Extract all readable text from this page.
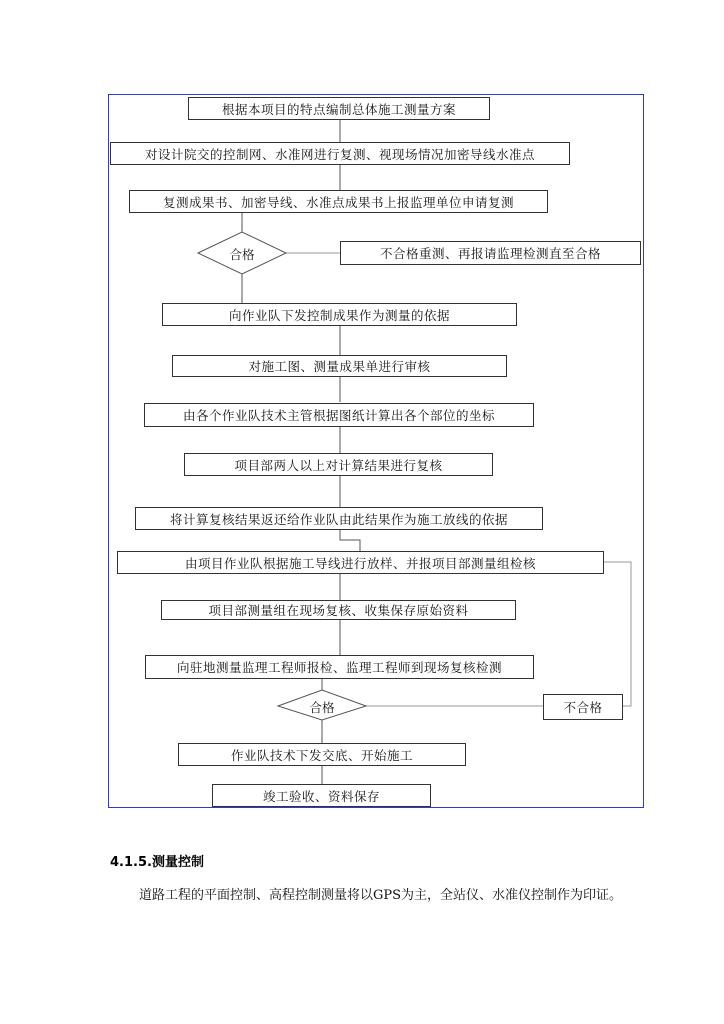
根据本项目的特点编制总体施工测量方案
对设计院交的控制网、水准网进行复测、视现场情况加密导线水准点
复测成果书、加密导线、水准点成果书上报监理单位申请复测
合格	不合格重测、再报请监理检测直至合格
向作业队下发控制成果作为测量的依据
对施工图、测量成果单进行审核
由各个作业队技术主管根据图纸计算出各个部位的坐标
项目部两人以上对计算结果进行复核
将计算复核结果返还给作业队由此结果作为施工放线的依据
由项目作业队根据施工导线进行放样、并报项目部测量组检核
项目部测量组在现场复核、收集保存原始资料
向驻地测量监理工程师报检、监理工程师到现场复核检测
合格	不合格
作业队技术下发交底、开始施工
竣工验收、资料保存
4.1.5.测量控制
道路工程的平面控制、高程控制测量将以GPS为主，全站仪、水准仪控制作为印证。
